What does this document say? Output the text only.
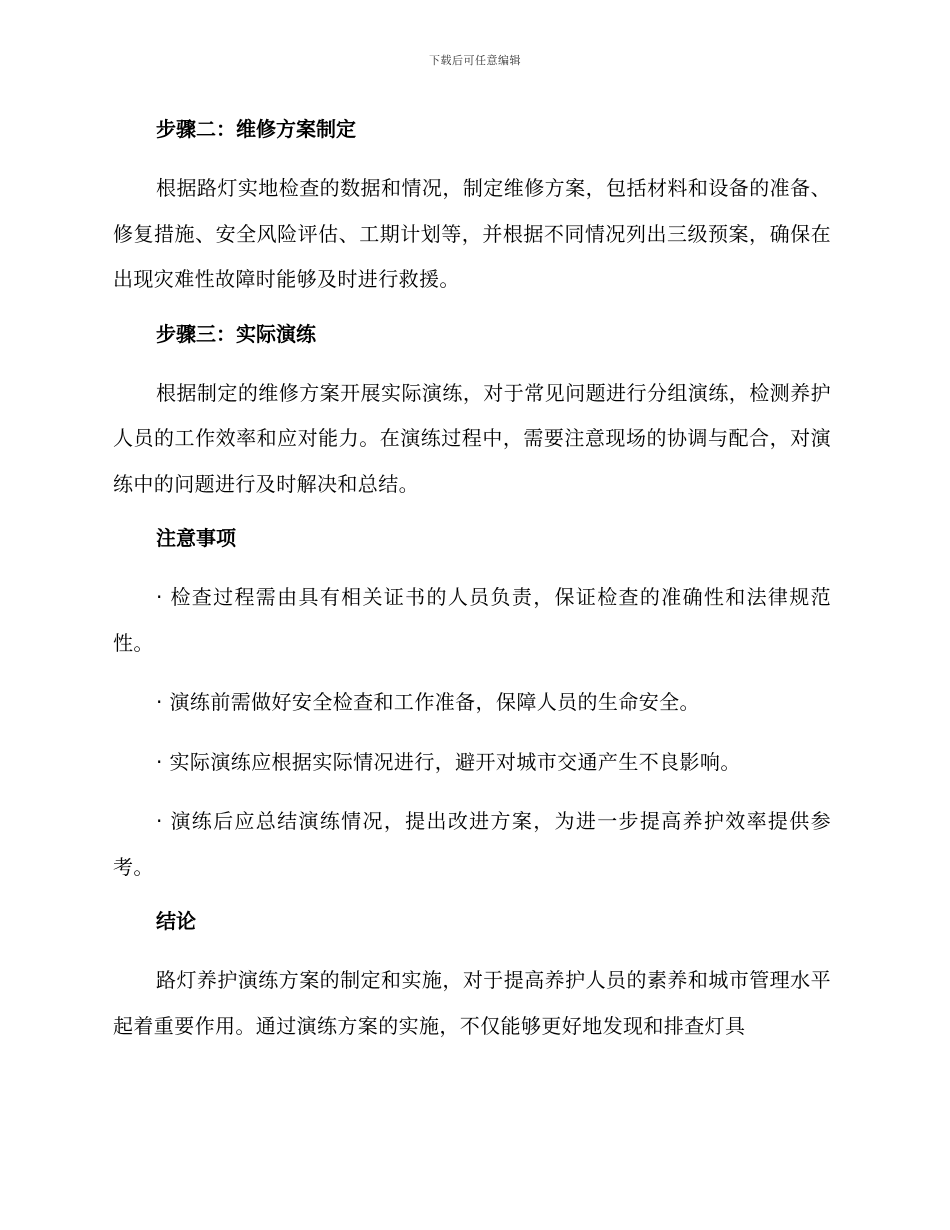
下载后可任意编辑
步骤二：维修方案制定

根据路灯实地检查的数据和情况，制定维修方案，包括材料和设备的准备、修复措施、安全风险评估、工期计划等，并根据不同情况列出三级预案，确保在出现灾难性故障时能够及时进行救援。

步骤三：实际演练

根据制定的维修方案开展实际演练，对于常见问题进行分组演练，检测养护人员的工作效率和应对能力。在演练过程中，需要注意现场的协调与配合，对演练中的问题进行及时解决和总结。

注意事项

· 检查过程需由具有相关证书的人员负责，保证检查的准确性和法律规范性。

· 演练前需做好安全检查和工作准备，保障人员的生命安全。

· 实际演练应根据实际情况进行，避开对城市交通产生不良影响。

· 演练后应总结演练情况，提出改进方案，为进一步提高养护效率提供参考。

结论

路灯养护演练方案的制定和实施，对于提高养护人员的素养和城市管理水平起着重要作用。通过演练方案的实施，不仅能够更好地发现和排查灯具
